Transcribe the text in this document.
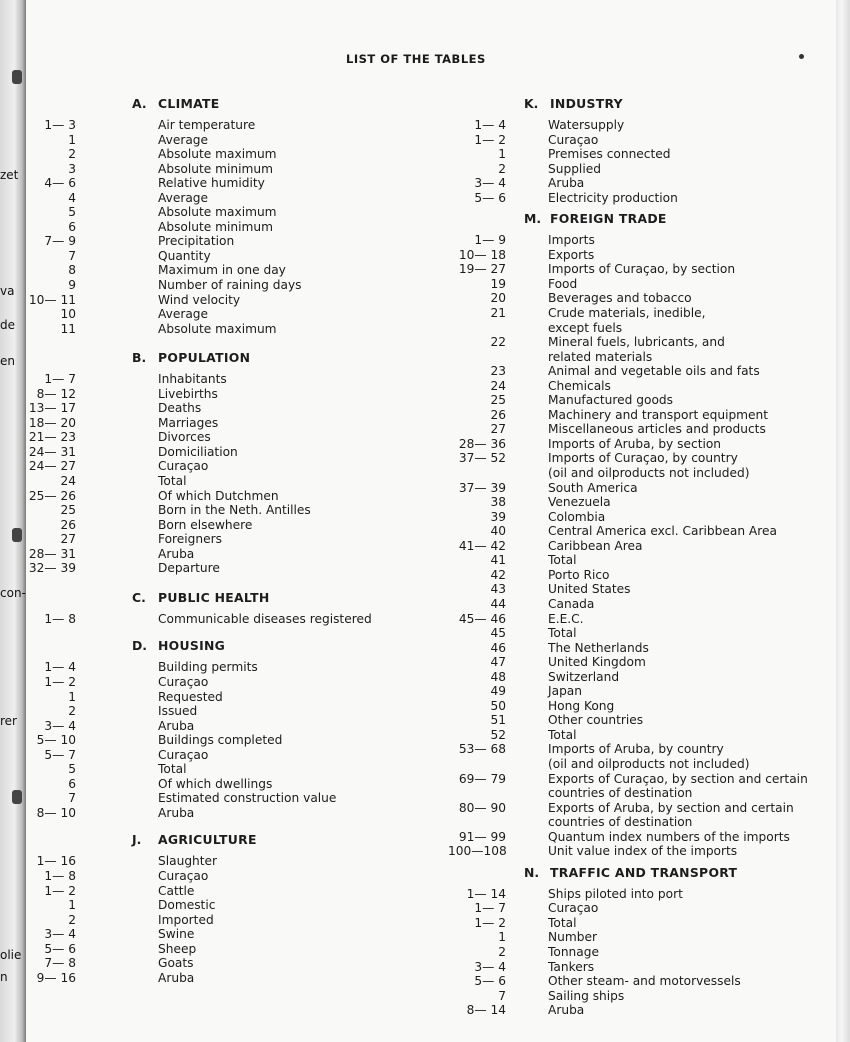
zet
va
de
en
con-
rer
olie
n
LIST OF THE TABLES
A. CLIMATE
1— 3	Air temperature
1	Average
2	Absolute maximum
3	Absolute minimum
4— 6	Relative humidity
4	Average
5	Absolute maximum
6	Absolute minimum
7— 9	Precipitation
7	Quantity
8	Maximum in one day
9	Number of raining days
10— 11	Wind velocity
10	Average
11	Absolute maximum
B. POPULATION
1— 7	Inhabitants
8— 12	Livebirths
13— 17	Deaths
18— 20	Marriages
21— 23	Divorces
24— 31	Domiciliation
24— 27	Curaçao
24	Total
25— 26	Of which Dutchmen
25	Born in the Neth. Antilles
26	Born elsewhere
27	Foreigners
28— 31	Aruba
32— 39	Departure
C. PUBLIC HEALTH
1— 8	Communicable diseases registered
D. HOUSING
1— 4	Building permits
1— 2	Curaçao
1	Requested
2	Issued
3— 4	Aruba
5— 10	Buildings completed
5— 7	Curaçao
5	Total
6	Of which dwellings
7	Estimated construction value
8— 10	Aruba
J. AGRICULTURE
1— 16	Slaughter
1— 8	Curaçao
1— 2	Cattle
1	Domestic
2	Imported
3— 4	Swine
5— 6	Sheep
7— 8	Goats
9— 16	Aruba
K. INDUSTRY
1— 4	Watersupply
1— 2	Curaçao
1	Premises connected
2	Supplied
3— 4	Aruba
5— 6	Electricity production
M. FOREIGN TRADE
1— 9	Imports
10— 18	Exports
19— 27	Imports of Curaçao, by section
19	Food
20	Beverages and tobacco
21	Crude materials, inedible,
except fuels
22	Mineral fuels, lubricants, and
related materials
23	Animal and vegetable oils and fats
24	Chemicals
25	Manufactured goods
26	Machinery and transport equipment
27	Miscellaneous articles and products
28— 36	Imports of Aruba, by section
37— 52	Imports of Curaçao, by country
(oil and oilproducts not included)
37— 39	South America
38	Venezuela
39	Colombia
40	Central America excl. Caribbean Area
41— 42	Caribbean Area
41	Total
42	Porto Rico
43	United States
44	Canada
45— 46	E.E.C.
45	Total
46	The Netherlands
47	United Kingdom
48	Switzerland
49	Japan
50	Hong Kong
51	Other countries
52	Total
53— 68	Imports of Aruba, by country
(oil and oilproducts not included)
69— 79	Exports of Curaçao, by section and certain
countries of destination
80— 90	Exports of Aruba, by section and certain
countries of destination
91— 99	Quantum index numbers of the imports
100—108	Unit value index of the imports
N. TRAFFIC AND TRANSPORT
1— 14	Ships piloted into port
1— 7	Curaçao
1— 2	Total
1	Number
2	Tonnage
3— 4	Tankers
5— 6	Other steam- and motorvessels
7	Sailing ships
8— 14	Aruba
